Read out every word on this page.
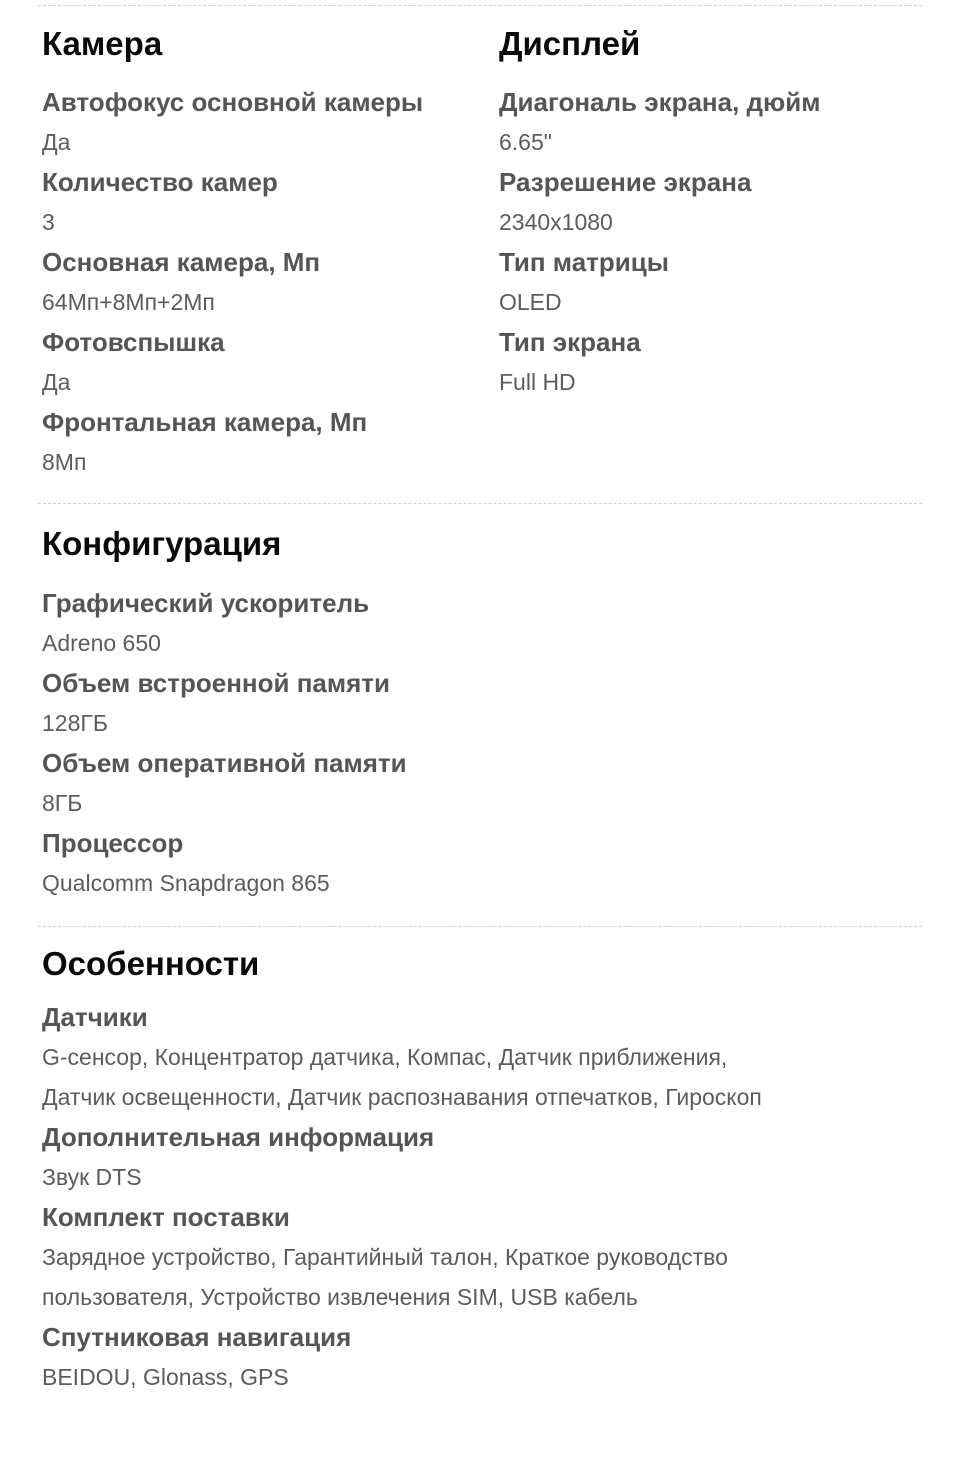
Камера
Автофокус основной камеры
Да
Количество камер
3
Основная камера, Мп
64Мп+8Мп+2Мп
Фотовспышка
Да
Фронтальная камера, Мп
8Мп
Дисплей
Диагональ экрана, дюйм
6.65"
Разрешение экрана
2340x1080
Тип матрицы
OLED
Тип экрана
Full HD
Конфигурация
Графический ускоритель
Adreno 650
Объем встроенной памяти
128ГБ
Объем оперативной памяти
8ГБ
Процессор
Qualcomm Snapdragon 865
Особенности
Датчики
G-сенсор, Концентратор датчика, Компас, Датчик приближения,
Датчик освещенности, Датчик распознавания отпечатков, Гироскоп
Дополнительная информация
Звук DTS
Комплект поставки
Зарядное устройство, Гарантийный талон, Краткое руководство
пользователя, Устройство извлечения SIM, USB кабель
Спутниковая навигация
BEIDOU, Glonass, GPS
